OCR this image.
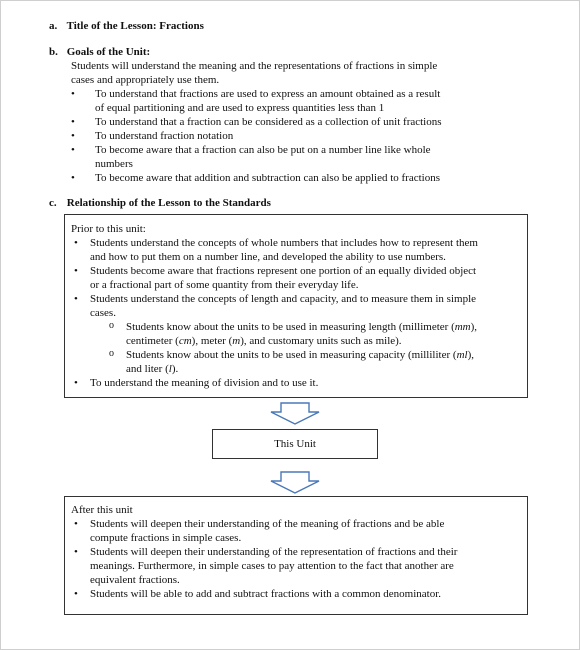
a. Title of the Lesson: Fractions
b. Goals of the Unit:

Students will understand the meaning and the representations of fractions in simple

cases and appropriately use them.

• To understand that fractions are used to express an amount obtained as a result
of equal partitioning and are used to express quantities less than 1
• To understand that a fraction can be considered as a collection of unit fractions
• To understand fraction notation
• To become aware that a fraction can also be put on a number line like whole
numbers
• To become aware that addition and subtraction can also be applied to fractions
c. Relationship of the Lesson to the Standards

Prior to this unit:

• Students understand the concepts of whole numbers that includes how to represent them
and how to put them on a number line, and developed the ability to use numbers.
• Students become aware that fractions represent one portion of an equally divided object
or a fractional part of some quantity from their everyday life.
• Students understand the concepts of length and capacity, and to measure them in simple
cases.
o Students know about the units to be used in measuring length (millimeter (mm),
centimeter (cm), meter (m), and customary units such as mile).
o Students know about the units to be used in measuring capacity (milliliter (ml),
and liter (l).
• To understand the meaning of division and to use it.
This Unit

After this unit

• Students will deepen their understanding of the meaning of fractions and be able
compute fractions in simple cases.
• Students will deepen their understanding of the representation of fractions and their
meanings. Furthermore, in simple cases to pay attention to the fact that another are
equivalent fractions.
• Students will be able to add and subtract fractions with a common denominator.
